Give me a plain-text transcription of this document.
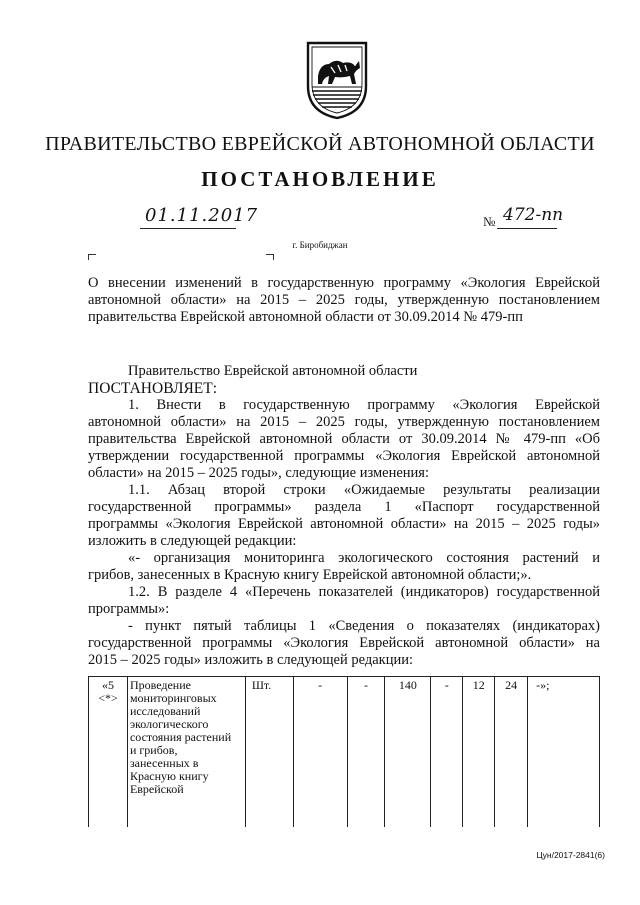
ПРАВИТЕЛЬСТВО ЕВРЕЙСКОЙ АВТОНОМНОЙ ОБЛАСТИ
ПОСТАНОВЛЕНИЕ
01.11.2017	№ 472-пп
г. Биробиджан
О внесении изменений в государственную программу «Экология Еврейской
автономной области» на 2015 – 2025 годы, утвержденную постановлением
правительства Еврейской автономной области от 30.09.2014 № 479-пп
Правительство Еврейской автономной области
ПОСТАНОВЛЯЕТ:
1. Внести в государственную программу «Экология Еврейской
автономной области» на 2015 – 2025 годы, утвержденную постановлением
правительства Еврейской автономной области от 30.09.2014 № 479-пп «Об
утверждении государственной программы «Экология Еврейской автономной
области» на 2015 – 2025 годы», следующие изменения:
1.1. Абзац второй строки «Ожидаемые результаты реализации
государственной программы» раздела 1 «Паспорт государственной
программы «Экология Еврейской автономной области» на 2015 – 2025 годы»
изложить в следующей редакции:
«- организация мониторинга экологического состояния растений и
грибов, занесенных в Красную книгу Еврейской автономной области;».
1.2. В разделе 4 «Перечень показателей (индикаторов) государственной
программы»:
- пункт пятый таблицы 1 «Сведения о показателях (индикаторах)
государственной программы «Экология Еврейской автономной области» на
2015 – 2025 годы» изложить в следующей редакции:
«5
<*>	Проведение
мониторинговых
исследований
экологического
состояния растений
и грибов,
занесенных в
Красную книгу
Еврейской	Шт.	-	-	140	-	12	24	-»;
Цун/2017-2841(6)
